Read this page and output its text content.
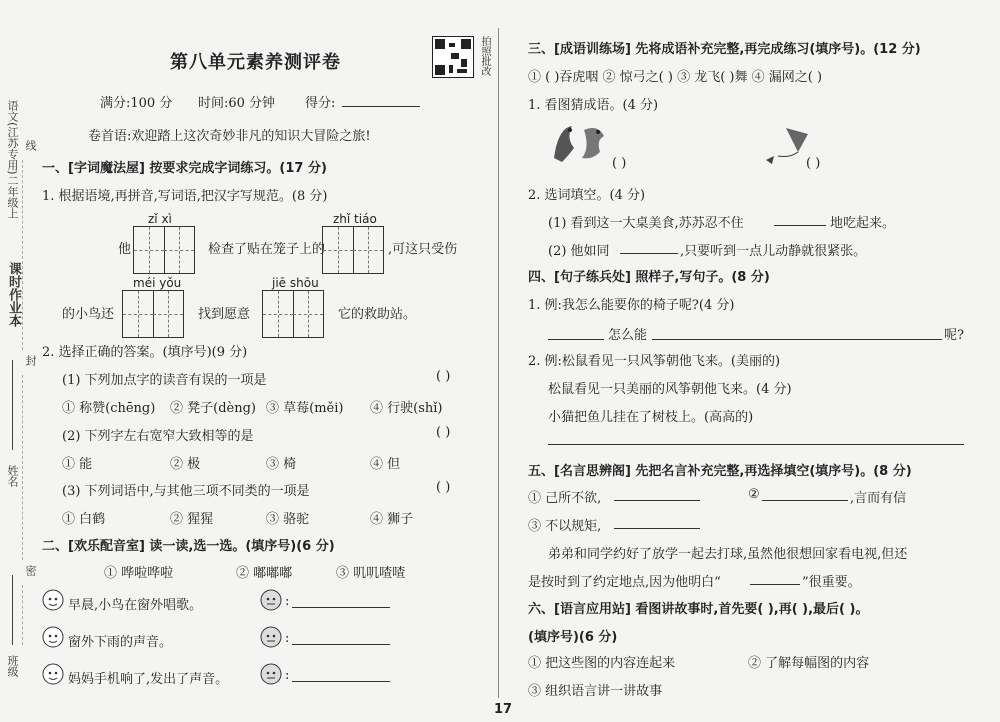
课时作业本
语文(江苏专用)二年级上 线
封
密
姓名
班级
第八单元素养测评卷	拍照批改
满分:100 分 时间:60 分钟 得分:
卷首语:欢迎踏上这次奇妙非凡的知识大冒险之旅!
一、[字词魔法屋] 按要求完成字词练习。(17 分)
1. 根据语境,再拼音,写词语,把汉字写规范。(8 分)
zǐ xì	zhǐ tiáo
他	检查了贴在笼子上的	,可这只受伤
méi yǒu	jiē shōu
的小鸟还	找到愿意	它的救助站。
2. 选择正确的答案。(填序号)(9 分)
(1) 下列加点字的读音有误的一项是	( )
① 称赞(chēng) ② 凳子(dèng) ③ 草莓(měi) ④ 行驶(shǐ)
(2) 下列字左右宽窄大致相等的是	( )
① 能	② 极	③ 椅	④ 但
(3) 下列词语中,与其他三项不同类的一项是	( )
① 白鹤	② 猩猩	③ 骆驼	④ 狮子
二、[欢乐配音室] 读一读,选一选。(填序号)(6 分)
① 哗啦哗啦	② 嘟嘟嘟	③ 叽叽喳喳
早晨,小鸟在窗外唱歌。	:
窗外下雨的声音。	:
妈妈手机响了,发出了声音。	:
三、[成语训练场] 先将成语补充完整,再完成练习(填序号)。(12 分)
① ( )吞虎咽 ② 惊弓之( ) ③ 龙飞( )舞 ④ 漏网之( )
1. 看图猜成语。(4 分)
( )	( )
2. 选词填空。(4 分)
(1) 看到这一大桌美食,苏苏忍不住	地吃起来。
(2) 他如同	,只要听到一点儿动静就很紧张。
四、[句子练兵处] 照样子,写句子。(8 分)
1. 例:我怎么能要你的椅子呢?(4 分)
怎么能	呢?
2. 例:松鼠看见一只风筝朝他飞来。(美丽的)
松鼠看见一只美丽的风筝朝他飞来。(4 分)
小猫把鱼儿挂在了树枝上。(高高的)
五、[名言思辨阁] 先把名言补充完整,再选择填空(填序号)。(8 分)
① 己所不欲,	②	,言而有信
③ 不以规矩,
弟弟和同学约好了放学一起去打球,虽然他很想回家看电视,但还
是按时到了约定地点,因为他明白“	”很重要。
六、[语言应用站] 看图讲故事时,首先要( ),再( ),最后( )。
(填序号)(6 分)
① 把这些图的内容连起来	② 了解每幅图的内容
③ 组织语言讲一讲故事
17
